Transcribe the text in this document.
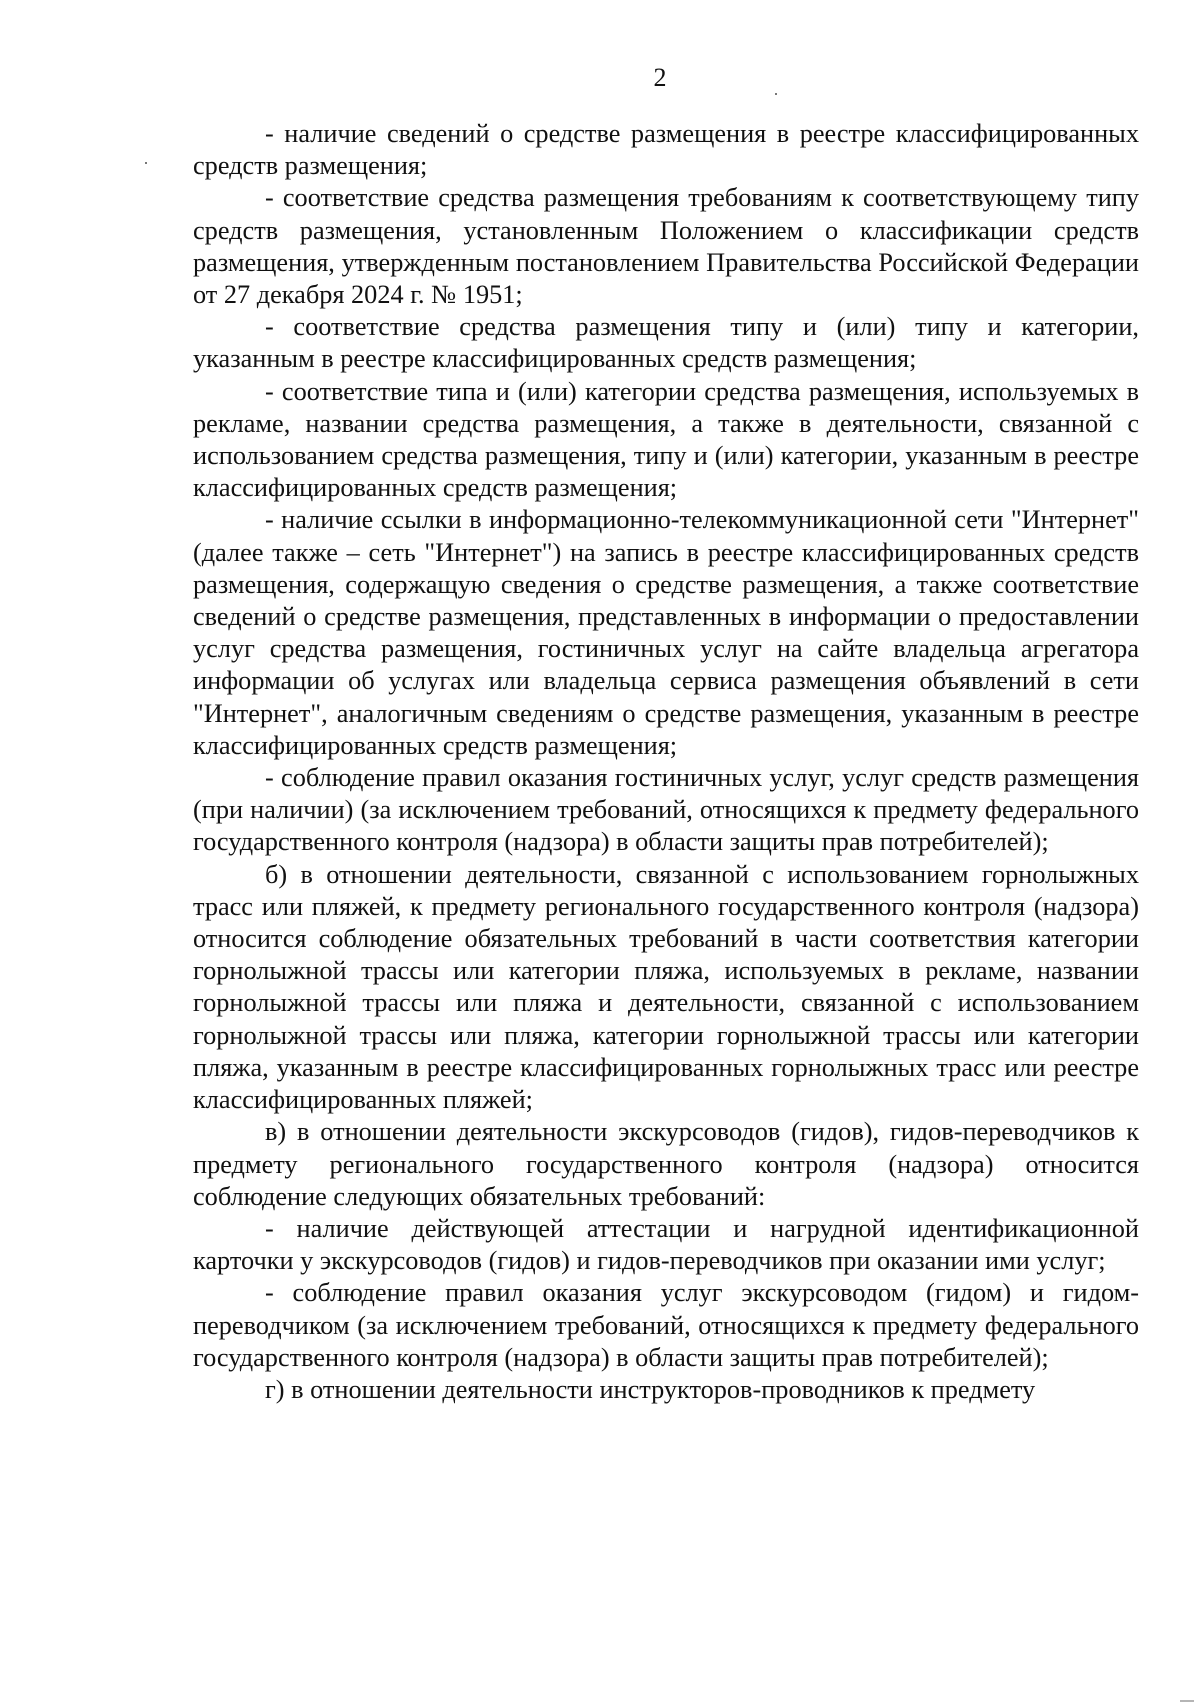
2

- наличие сведений о средстве размещения в реестре классифицированных средств размещения;

- соответствие средства размещения требованиям к соответствующему типу средств размещения, установленным Положением о классификации средств размещения, утвержденным постановлением Правительства Российской Федерации от 27 декабря 2024 г. № 1951;

- соответствие средства размещения типу и (или) типу и категории, указанным в реестре классифицированных средств размещения;

- соответствие типа и (или) категории средства размещения, используемых в рекламе, названии средства размещения, а также в деятельности, связанной с использованием средства размещения, типу и (или) категории, указанным в реестре классифицированных средств размещения;

- наличие ссылки в информационно-телекоммуникационной сети "Интернет" (далее также – сеть "Интернет") на запись в реестре классифицированных средств размещения, содержащую сведения о средстве размещения, а также соответствие сведений о средстве размещения, представленных в информации о предоставлении услуг средства размещения, гостиничных услуг на сайте владельца агрегатора информации об услугах или владельца сервиса размещения объявлений в сети "Интернет", аналогичным сведениям о средстве размещения, указанным в реестре классифицированных средств размещения;

- соблюдение правил оказания гостиничных услуг, услуг средств размещения (при наличии) (за исключением требований, относящихся к предмету федерального государственного контроля (надзора) в области защиты прав потребителей);

б) в отношении деятельности, связанной с использованием горнолыжных трасс или пляжей, к предмету регионального государственного контроля (надзора) относится соблюдение обязательных требований в части соответствия категории горнолыжной трассы или категории пляжа, используемых в рекламе, названии горнолыжной трассы или пляжа и деятельности, связанной с использованием горнолыжной трассы или пляжа, категории горнолыжной трассы или категории пляжа, указанным в реестре классифицированных горнолыжных трасс или реестре классифицированных пляжей;

в) в отношении деятельности экскурсоводов (гидов), гидов-переводчиков к предмету регионального государственного контроля (надзора) относится соблюдение следующих обязательных требований:

- наличие действующей аттестации и нагрудной идентификационной карточки у экскурсоводов (гидов) и гидов-переводчиков при оказании ими услуг;

- соблюдение правил оказания услуг экскурсоводом (гидом) и гидом-переводчиком (за исключением требований, относящихся к предмету федерального государственного контроля (надзора) в области защиты прав потребителей);

г) в отношении деятельности инструкторов-проводников к предмету
